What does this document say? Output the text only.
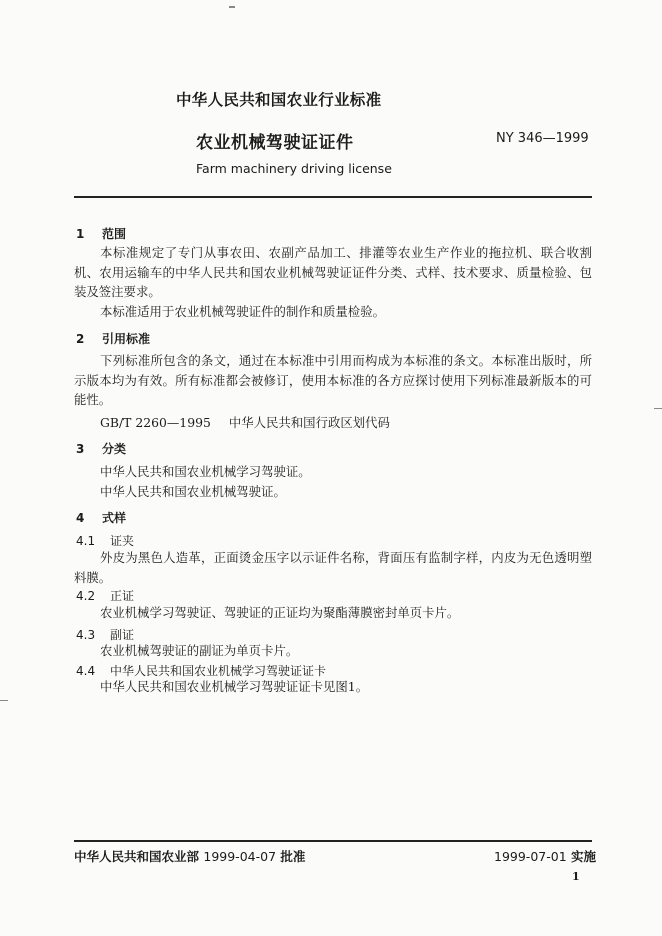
中华人民共和国农业行业标准
农业机械驾驶证证件	NY 346—1999
Farm machinery driving license
1 范围
本标准规定了专门从事农田、农副产品加工、排灌等农业生产作业的拖拉机、联合收割机、农用运输车的中华人民共和国农业机械驾驶证证件分类、式样、技术要求、质量检验、包装及签注要求。
本标准适用于农业机械驾驶证件的制作和质量检验。
2 引用标准
下列标准所包含的条文，通过在本标准中引用而构成为本标准的条文。本标准出版时，所示版本均为有效。所有标准都会被修订，使用本标准的各方应探讨使用下列标准最新版本的可能性。
GB/T 2260—1995 中华人民共和国行政区划代码
3 分类
中华人民共和国农业机械学习驾驶证。
中华人民共和国农业机械驾驶证。
4 式样
4.1 证夹
外皮为黑色人造革，正面烫金压字以示证件名称，背面压有监制字样，内皮为无色透明塑料膜。
4.2 正证
农业机械学习驾驶证、驾驶证的正证均为聚酯薄膜密封单页卡片。
4.3 副证
农业机械驾驶证的副证为单页卡片。
4.4 中华人民共和国农业机械学习驾驶证证卡
中华人民共和国农业机械学习驾驶证证卡见图1。
中华人民共和国农业部 1999-04-07 批准	1999-07-01 实施
1
